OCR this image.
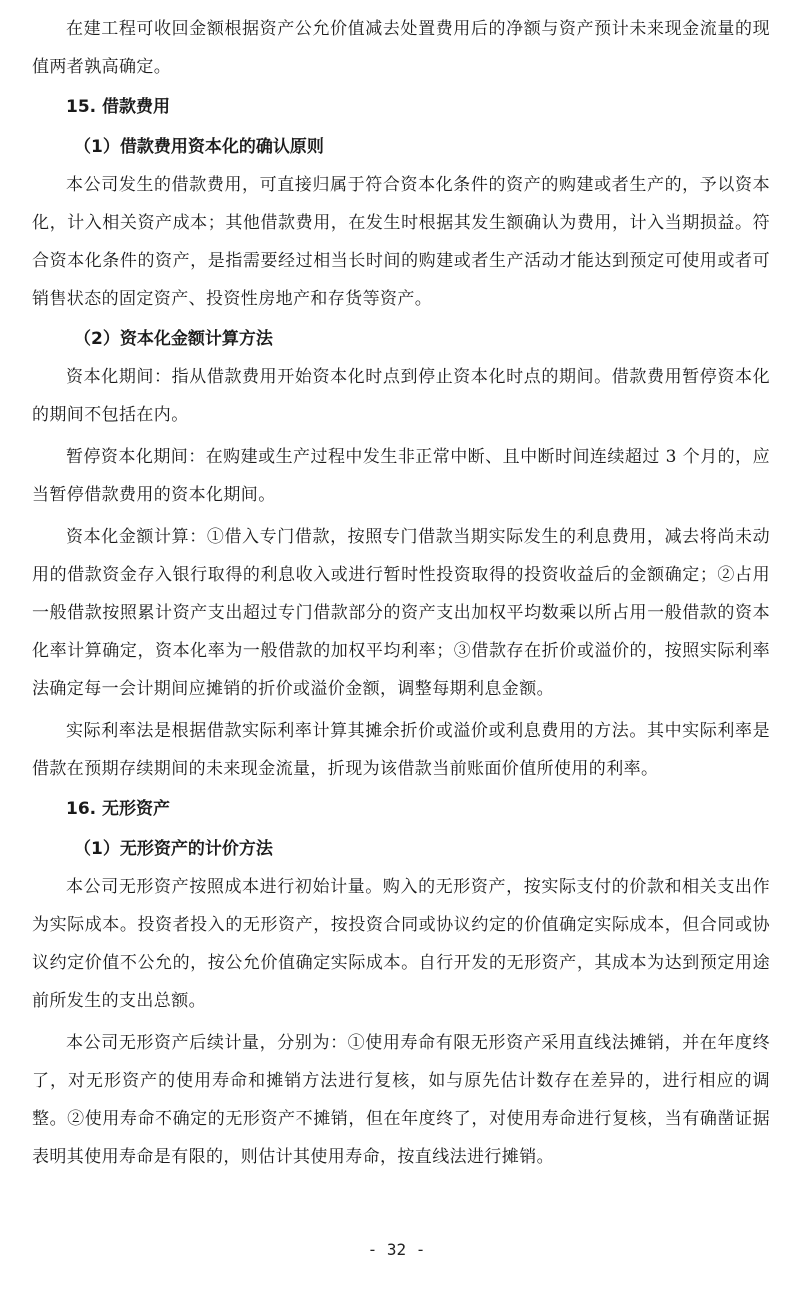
在建工程可收回金额根据资产公允价值减去处置费用后的净额与资产预计未来现金流量的现值两者孰高确定。

15. 借款费用
（1）借款费用资本化的确认原则

本公司发生的借款费用，可直接归属于符合资本化条件的资产的购建或者生产的，予以资本化，计入相关资产成本；其他借款费用，在发生时根据其发生额确认为费用，计入当期损益。符合资本化条件的资产，是指需要经过相当长时间的购建或者生产活动才能达到预定可使用或者可销售状态的固定资产、投资性房地产和存货等资产。

（2）资本化金额计算方法

资本化期间：指从借款费用开始资本化时点到停止资本化时点的期间。借款费用暂停资本化的期间不包括在内。

暂停资本化期间：在购建或生产过程中发生非正常中断、且中断时间连续超过 3 个月的，应当暂停借款费用的资本化期间。

资本化金额计算：①借入专门借款，按照专门借款当期实际发生的利息费用，减去将尚未动用的借款资金存入银行取得的利息收入或进行暂时性投资取得的投资收益后的金额确定；②占用一般借款按照累计资产支出超过专门借款部分的资产支出加权平均数乘以所占用一般借款的资本化率计算确定，资本化率为一般借款的加权平均利率；③借款存在折价或溢价的，按照实际利率法确定每一会计期间应摊销的折价或溢价金额，调整每期利息金额。

实际利率法是根据借款实际利率计算其摊余折价或溢价或利息费用的方法。其中实际利率是借款在预期存续期间的未来现金流量，折现为该借款当前账面价值所使用的利率。

16. 无形资产
（1）无形资产的计价方法

本公司无形资产按照成本进行初始计量。购入的无形资产，按实际支付的价款和相关支出作为实际成本。投资者投入的无形资产，按投资合同或协议约定的价值确定实际成本，但合同或协议约定价值不公允的，按公允价值确定实际成本。自行开发的无形资产，其成本为达到预定用途前所发生的支出总额。

本公司无形资产后续计量，分别为：①使用寿命有限无形资产采用直线法摊销，并在年度终了，对无形资产的使用寿命和摊销方法进行复核，如与原先估计数存在差异的，进行相应的调整。②使用寿命不确定的无形资产不摊销，但在年度终了，对使用寿命进行复核，当有确凿证据表明其使用寿命是有限的，则估计其使用寿命，按直线法进行摊销。

- 32 -
